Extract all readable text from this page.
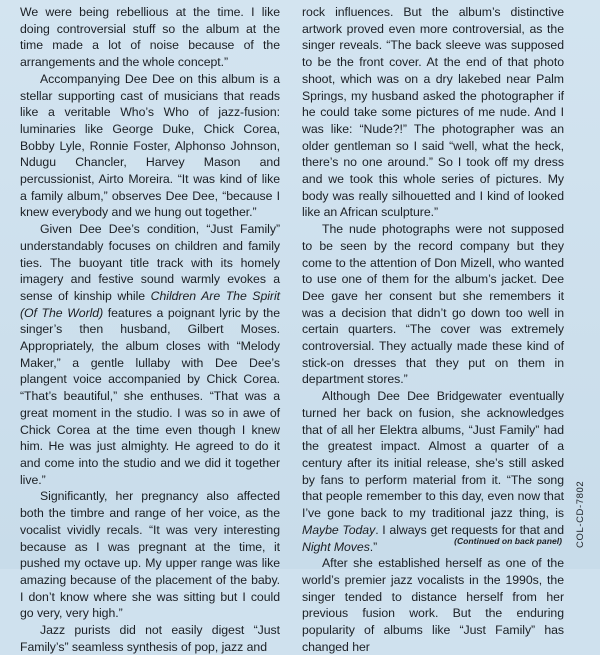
We were being rebellious at the time. I like doing controversial stuff so the album at the time made a lot of noise because of the arrangements and the whole concept.”

Accompanying Dee Dee on this album is a stellar supporting cast of musicians that reads like a veritable Who’s Who of jazz-fusion: luminaries like George Duke, Chick Corea, Bobby Lyle, Ronnie Foster, Alphonso Johnson, Ndugu Chancler, Harvey Mason and percussionist, Airto Moreira. “It was kind of like a family album,” observes Dee Dee, “because I knew everybody and we hung out together.”

Given Dee Dee’s condition, “Just Family” understandably focuses on children and family ties. The buoyant title track with its homely imagery and festive sound warmly evokes a sense of kinship while Children Are The Spirit (Of The World) features a poignant lyric by the singer’s then husband, Gilbert Moses. Appropriately, the album closes with “Melody Maker,” a gentle lullaby with Dee Dee’s plangent voice accompanied by Chick Corea. “That’s beautiful,” she enthuses. “That was a great moment in the studio. I was so in awe of Chick Corea at the time even though I knew him. He was just almighty. He agreed to do it and come into the studio and we did it together live.”

Significantly, her pregnancy also affected both the timbre and range of her voice, as the vocalist vividly recals. “It was very interesting because as I was pregnant at the time, it pushed my octave up. My upper range was like amazing because of the placement of the baby. I don’t know where she was sitting but I could go very, very high.”

Jazz purists did not easily digest “Just Family’s” seamless synthesis of pop, jazz and

rock influences. But the album’s distinctive artwork proved even more controversial, as the singer reveals. “The back sleeve was supposed to be the front cover. At the end of that photo shoot, which was on a dry lakebed near Palm Springs, my husband asked the photographer if he could take some pictures of me nude. And I was like: “Nude?!” The photographer was an older gentleman so I said “well, what the heck, there’s no one around.” So I took off my dress and we took this whole series of pictures. My body was really silhouetted and I kind of looked like an African sculpture.”

The nude photographs were not supposed to be seen by the record company but they come to the attention of Don Mizell, who wanted to use one of them for the album’s jacket. Dee Dee gave her consent but she remembers it was a decision that didn’t go down too well in certain quarters. “The cover was extremely controversial. They actually made these kind of stick-on dresses that they put on them in department stores.”

Although Dee Dee Bridgewater eventually turned her back on fusion, she acknowledges that of all her Elektra albums, “Just Family” had the greatest impact. Almost a quarter of a century after its initial release, she’s still asked by fans to perform material from it. “The song that people remember to this day, even now that I’ve gone back to my traditional jazz thing, is Maybe Today. I always get requests for that and Night Moves.”

After she established herself as one of the world’s premier jazz vocalists in the 1990s, the singer tended to distance herself from her previous fusion work. But the enduring popularity of albums like “Just Family” has changed her

(Continued on back panel) COL-CD-7802
